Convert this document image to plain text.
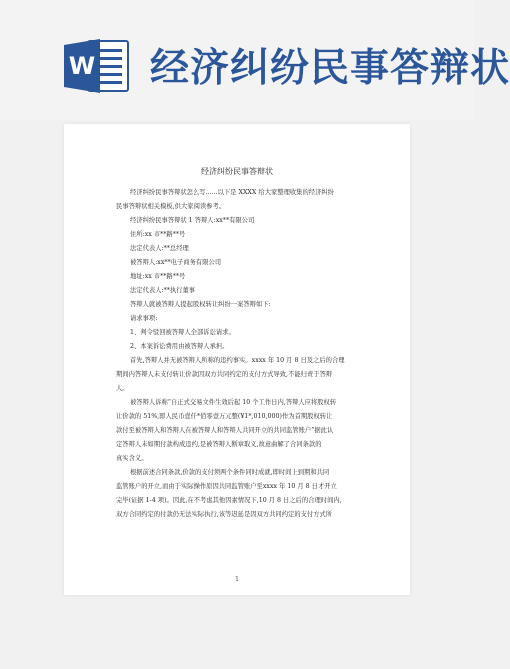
W 经济纠纷民事答辩状
经济纠纷民事答辩状
经济纠纷民事答辩状怎么写......以下是 XXXX 给大家整理收集的经济纠纷
民事答辩状相关模板,供大家阅读参考。
经济纠纷民事答辩状 1 答辩人:xx**有限公司
住所:xx 市**路**号
法定代表人:**总经理
被答辩人:xx**电子商务有限公司
地址:xx 市**路**号
法定代表人:**执行董事
答辩人就被答辩人提起股权转让纠纷一案答辩如下:
请求事项:
1、判令驳回被答辩人全部诉讼请求。
2、本案诉讼费用由被答辩人承担。
首先,答辩人并无被答辩人所称的违约事实。xxxx 年 10 月 8 日及之后的合理
期间内答辩人未支付转让价款因双方共同约定的支付方式导致,不能归责于答辩
人。
被答辩人诉称“自正式交易文件生效后起 10 个工作日内,答辩人应将股权转
让价款的 51%,即人民币壹仟*佰零壹万元整(¥1*,010,000)作为首期股权转让
款付至被答辩人和答辩人在被答辩人和答辩人共同开立的共同监管账户”据此认
定答辩人未如期付款构成违约,是被答辩人断章取义,故意曲解了合同条款的
真实含义。
根据前述合同条款,价款的支付须两个条件同时成就,即时间上到期和共同
监管账户的开立,而由于实际操作原因共同监管账户至xxxx 年 10 月 8 日才开立
完毕(证据 1-4 项)。因此,在不考虑其他因素情况下,10 月 8 日之后的合理时间内,
双方合同约定的付款仍无法实际执行,该等迟延是因双方共同约定的支付方式所
1
